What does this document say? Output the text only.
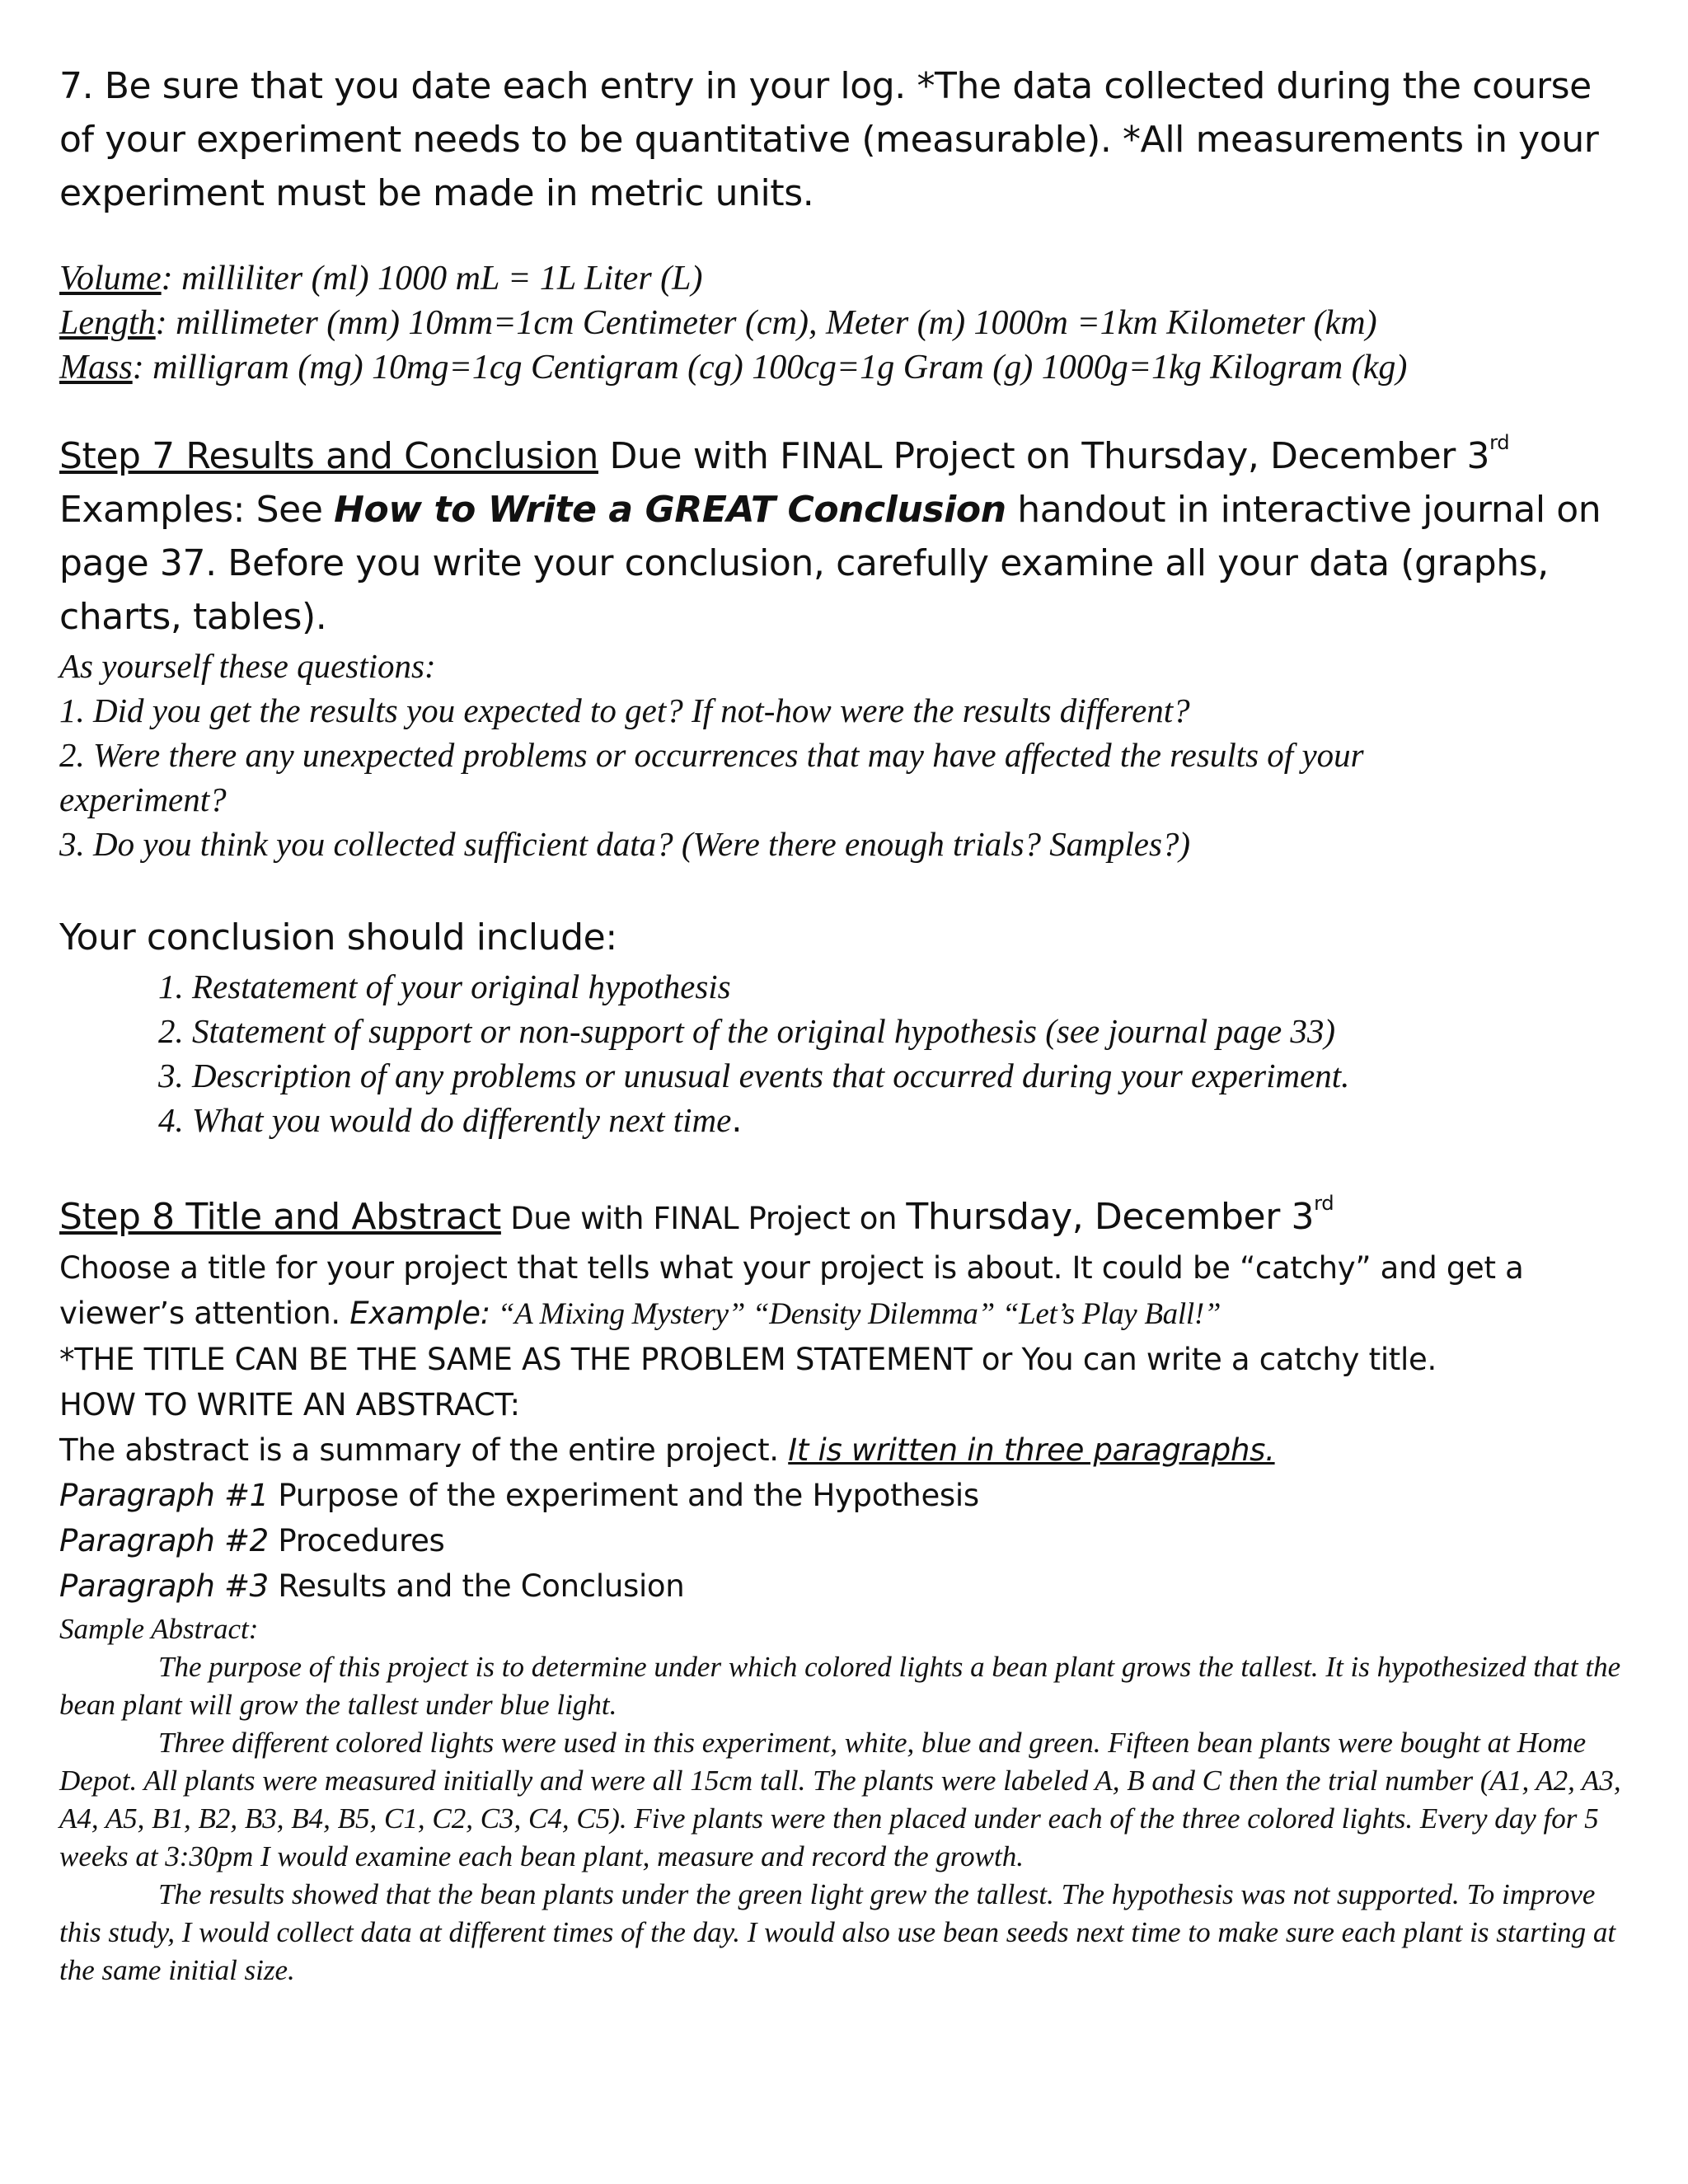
7. Be sure that you date each entry in your log. *The data collected during the course

of your experiment needs to be quantitative (measurable). *All measurements in your

experiment must be made in metric units.

Volume: milliliter (ml) 1000 mL = 1L Liter (L)

Length: millimeter (mm) 10mm=1cm Centimeter (cm), Meter (m) 1000m =1km Kilometer (km)

Mass: milligram (mg) 10mg=1cg Centigram (cg) 100cg=1g Gram (g) 1000g=1kg Kilogram (kg)

Step 7 Results and Conclusion Due with FINAL Project on Thursday, December 3rd

Examples: See How to Write a GREAT Conclusion handout in interactive journal on

page 37. Before you write your conclusion, carefully examine all your data (graphs,

charts, tables).

As yourself these questions:

1. Did you get the results you expected to get? If not-how were the results different?

2. Were there any unexpected problems or occurrences that may have affected the results of your

experiment?

3. Do you think you collected sufficient data? (Were there enough trials? Samples?)

Your conclusion should include:

1. Restatement of your original hypothesis

2. Statement of support or non-support of the original hypothesis (see journal page 33)

3. Description of any problems or unusual events that occurred during your experiment.

4. What you would do differently next time.

Step 8 Title and Abstract Due with FINAL Project on Thursday, December 3rd

Choose a title for your project that tells what your project is about. It could be “catchy” and get a

viewer’s attention. Example: “A Mixing Mystery” “Density Dilemma” “Let’s Play Ball!”

*THE TITLE CAN BE THE SAME AS THE PROBLEM STATEMENT or You can write a catchy title.

HOW TO WRITE AN ABSTRACT:

The abstract is a summary of the entire project. It is written in three paragraphs.

Paragraph #1 Purpose of the experiment and the Hypothesis

Paragraph #2 Procedures

Paragraph #3 Results and the Conclusion

Sample Abstract:

The purpose of this project is to determine under which colored lights a bean plant grows the tallest. It is hypothesized that the bean plant will grow the tallest under blue light.

Three different colored lights were used in this experiment, white, blue and green. Fifteen bean plants were bought at Home Depot. All plants were measured initially and were all 15cm tall. The plants were labeled A, B and C then the trial number (A1, A2, A3, A4, A5, B1, B2, B3, B4, B5, C1, C2, C3, C4, C5). Five plants were then placed under each of the three colored lights. Every day for 5 weeks at 3:30pm I would examine each bean plant, measure and record the growth.

The results showed that the bean plants under the green light grew the tallest. The hypothesis was not supported. To improve this study, I would collect data at different times of the day. I would also use bean seeds next time to make sure each plant is starting at the same initial size.
